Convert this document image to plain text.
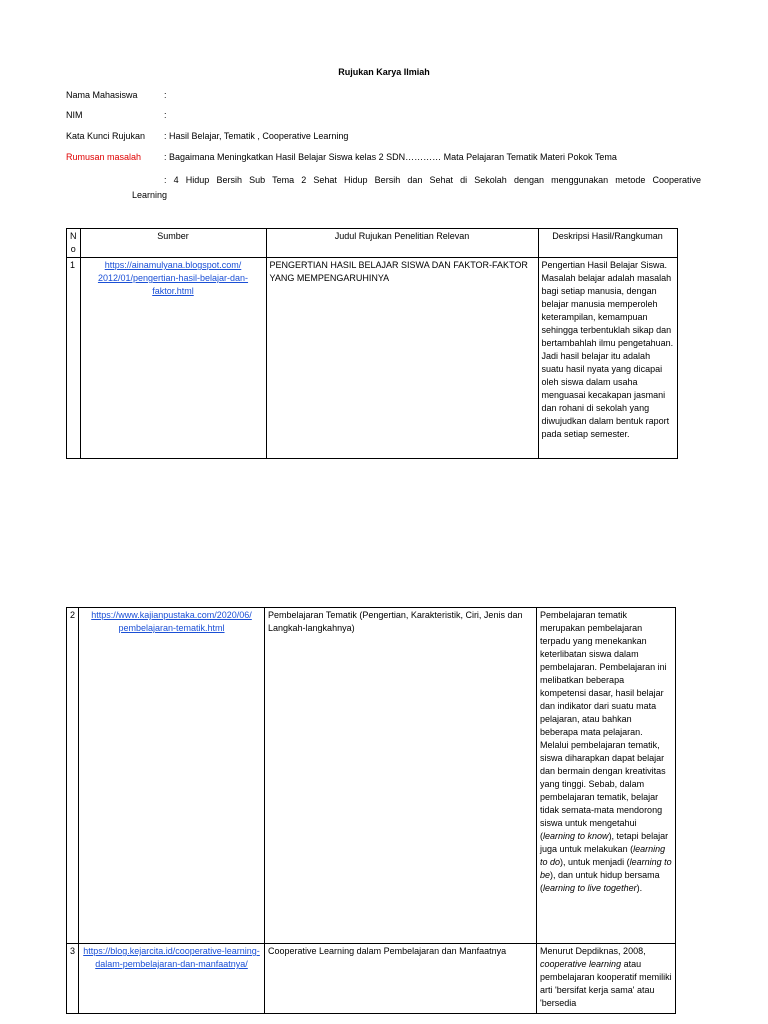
Rujukan Karya Ilmiah
Nama Mahasiswa	:
NIM	:
Kata Kunci Rujukan : Hasil Belajar, Tematik , Cooperative Learning
Rumusan masalah	: Bagaimana Meningkatkan Hasil Belajar Siswa kelas 2 SDN………… Mata Pelajaran Tematik Materi Pokok Tema
: 4 Hidup Bersih Sub Tema 2 Sehat Hidup Bersih dan Sehat di Sekolah dengan menggunakan metode Cooperative
Learning
N o	Sumber	Judul Rujukan Penelitian Relevan	Deskripsi Hasil/Rangkuman
1	https://ainamulyana.blogspot.com/ 2012/01/pengertian-hasil-belajar-dan-faktor.html	PENGERTIAN HASIL BELAJAR SISWA DAN FAKTOR-FAKTOR YANG MEMPENGARUHINYA	Pengertian Hasil Belajar Siswa. Masalah belajar adalah masalah bagi setiap manusia, dengan belajar manusia memperoleh keterampilan, kemampuan sehingga terbentuklah sikap dan bertambahlah ilmu pengetahuan. Jadi hasil belajar itu adalah suatu hasil nyata yang dicapai oleh siswa dalam usaha menguasai kecakapan jasmani dan rohani di sekolah yang diwujudkan dalam bentuk raport pada setiap semester.
2	https://www.kajianpustaka.com/2020/06/ pembelajaran-tematik.html	Pembelajaran Tematik (Pengertian, Karakteristik, Ciri, Jenis dan Langkah-langkahnya)	Pembelajaran tematik merupakan pembelajaran terpadu yang menekankan keterlibatan siswa dalam pembelajaran. Pembelajaran ini melibatkan beberapa kompetensi dasar, hasil belajar dan indikator dari suatu mata pelajaran, atau bahkan beberapa mata pelajaran. Melalui pembelajaran tematik, siswa diharapkan dapat belajar dan bermain dengan kreativitas yang tinggi. Sebab, dalam pembelajaran tematik, belajar tidak semata-mata mendorong siswa untuk mengetahui (learning to know), tetapi belajar juga untuk melakukan (learning to do), untuk menjadi (learning to be), dan untuk hidup bersama (learning to live together).
3	https://blog.kejarcita.id/cooperative-learning-dalam-pembelajaran-dan-manfaatnya/	Cooperative Learning dalam Pembelajaran dan Manfaatnya	Menurut Depdiknas, 2008, cooperative learning atau pembelajaran kooperatif memiliki arti 'bersifat kerja sama' atau 'bersedia
